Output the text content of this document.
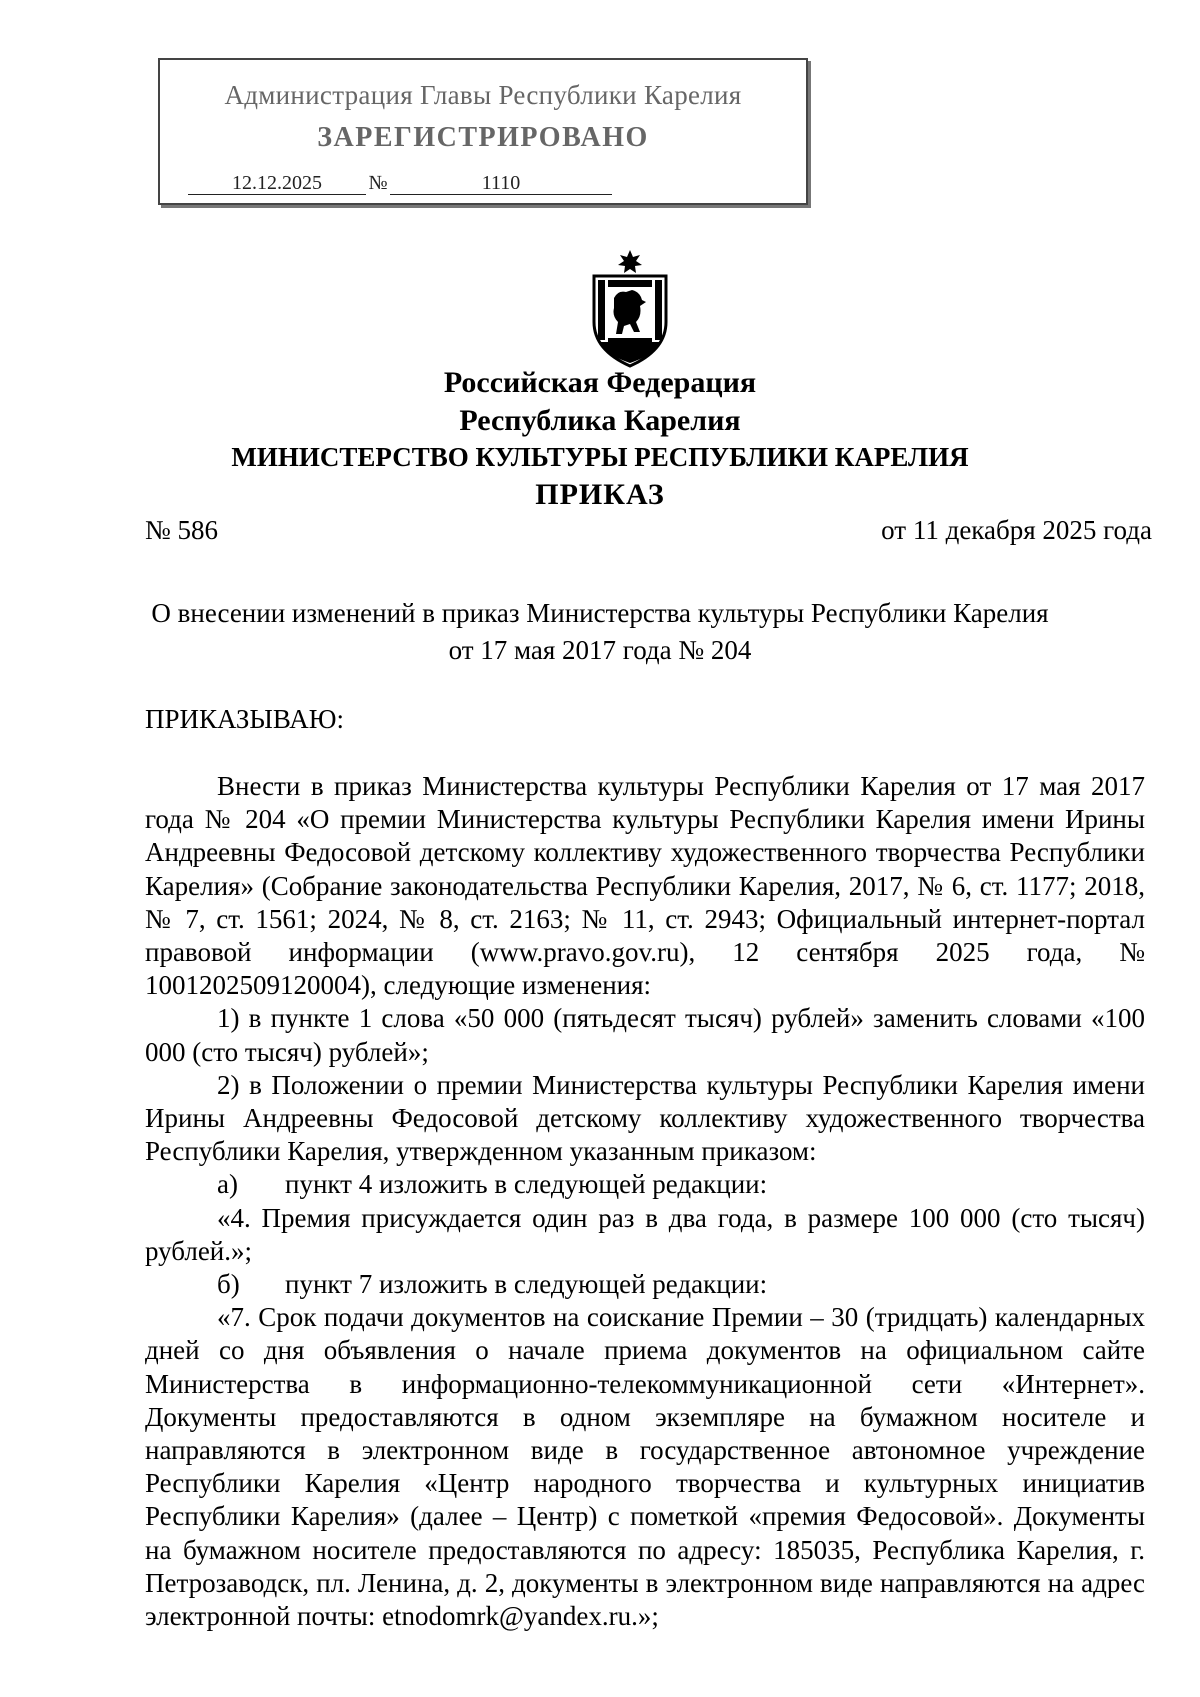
Администрация Главы Республики Карелия
ЗАРЕГИСТРИРОВАНО
12.12.2025 №	1110
Российская Федерация
Республика Карелия
МИНИСТЕРСТВО КУЛЬТУРЫ РЕСПУБЛИКИ КАРЕЛИЯ
ПРИКАЗ
№ 586	от 11 декабря 2025 года
О внесении изменений в приказ Министерства культуры Республики Карелия
от 17 мая 2017 года № 204
ПРИКАЗЫВАЮ:

Внести в приказ Министерства культуры Республики Карелия от 17 мая 2017 года № 204 «О премии Министерства культуры Республики Карелия имени Ирины Андреевны Федосовой детскому коллективу художественного творчества Республики Карелия» (Собрание законодательства Республики Карелия, 2017, № 6, ст. 1177; 2018, № 7, ст. 1561; 2024, № 8, ст. 2163; № 11, ст. 2943; Официальный интернет-портал правовой информации (www.pravo.gov.ru), 12 сентября 2025 года, № 1001202509120004), следующие изменения:

1) в пункте 1 слова «50 000 (пятьдесят тысяч) рублей» заменить словами «100 000 (сто тысяч) рублей»;

2) в Положении о премии Министерства культуры Республики Карелия имени Ирины Андреевны Федосовой детскому коллективу художественного творчества Республики Карелия, утвержденном указанным приказом:

а) пункт 4 изложить в следующей редакции:

«4. Премия присуждается один раз в два года, в размере 100 000 (сто тысяч) рублей.»;

б) пункт 7 изложить в следующей редакции:

«7. Срок подачи документов на соискание Премии – 30 (тридцать) календарных дней со дня объявления о начале приема документов на официальном сайте Министерства в информационно-телекоммуникационной сети «Интернет». Документы предоставляются в одном экземпляре на бумажном носителе и направляются в электронном виде в государственное автономное учреждение Республики Карелия «Центр народного творчества и культурных инициатив Республики Карелия» (далее – Центр) с пометкой «премия Федосовой». Документы на бумажном носителе предоставляются по адресу: 185035, Республика Карелия, г. Петрозаводск, пл. Ленина, д. 2, документы в электронном виде направляются на адрес электронной почты: etnodomrk@yandex.ru.»;
